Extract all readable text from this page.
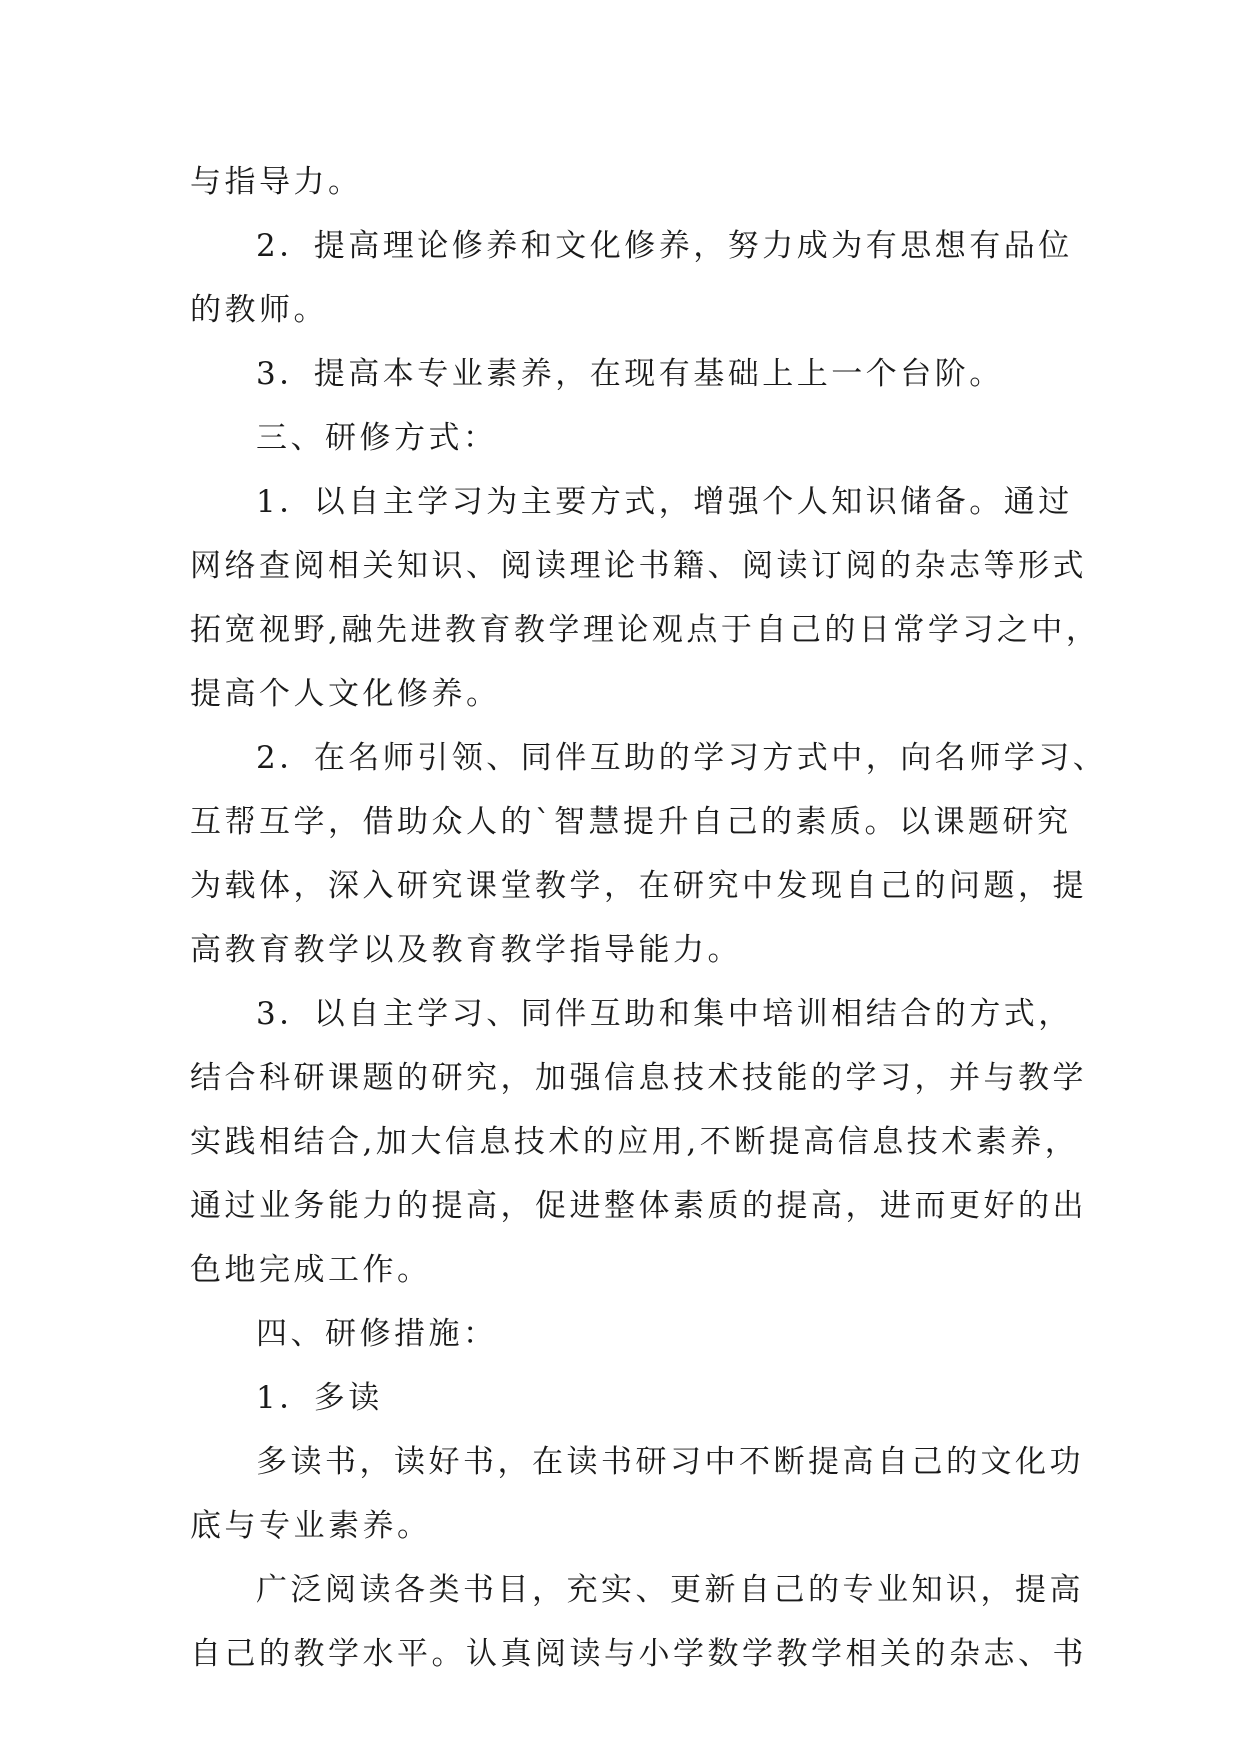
与指导力。
2．提高理论修养和文化修养，努力成为有思想有品位
的教师。
3．提高本专业素养，在现有基础上上一个台阶。
三、研修方式：
1．以自主学习为主要方式，增强个人知识储备。通过
网络查阅相关知识、阅读理论书籍、阅读订阅的杂志等形式
拓宽视野,融先进教育教学理论观点于自己的日常学习之中，
提高个人文化修养。
2．在名师引领、同伴互助的学习方式中，向名师学习、
互帮互学，借助众人的`智慧提升自己的素质。以课题研究
为载体，深入研究课堂教学，在研究中发现自己的问题，提
高教育教学以及教育教学指导能力。
3．以自主学习、同伴互助和集中培训相结合的方式，
结合科研课题的研究，加强信息技术技能的学习，并与教学
实践相结合,加大信息技术的应用,不断提高信息技术素养，
通过业务能力的提高，促进整体素质的提高，进而更好的出
色地完成工作。
四、研修措施：
1．多读
多读书，读好书，在读书研习中不断提高自己的文化功
底与专业素养。
广泛阅读各类书目，充实、更新自己的专业知识，提高
自己的教学水平。认真阅读与小学数学教学相关的杂志、书
